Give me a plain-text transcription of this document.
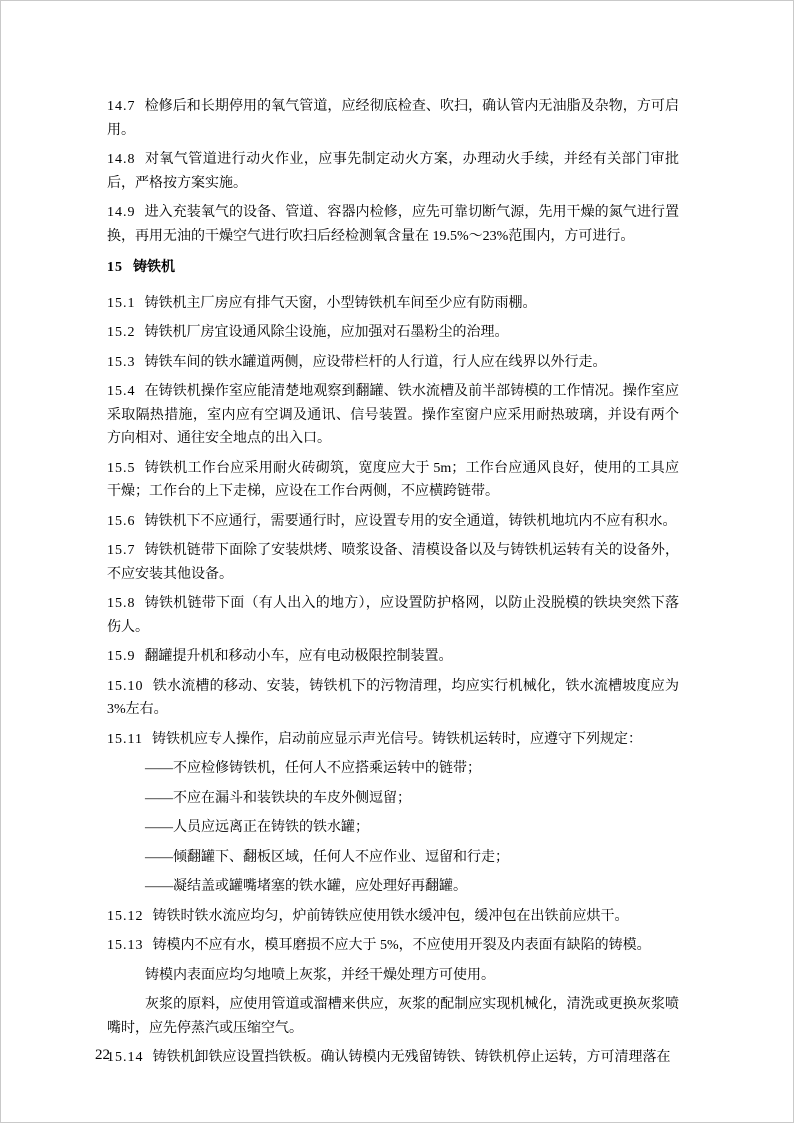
14.7 检修后和长期停用的氧气管道，应经彻底检查、吹扫，确认管内无油脂及杂物，方可启用。

14.8 对氧气管道进行动火作业，应事先制定动火方案，办理动火手续，并经有关部门审批后，严格按方案实施。

14.9 进入充装氧气的设备、管道、容器内检修，应先可靠切断气源，先用干燥的氮气进行置换，再用无油的干燥空气进行吹扫后经检测氧含量在 19.5%～23%范围内，方可进行。

15 铸铁机

15.1 铸铁机主厂房应有排气天窗，小型铸铁机车间至少应有防雨棚。

15.2 铸铁机厂房宜设通风除尘设施，应加强对石墨粉尘的治理。

15.3 铸铁车间的铁水罐道两侧，应设带栏杆的人行道，行人应在线界以外行走。

15.4 在铸铁机操作室应能清楚地观察到翻罐、铁水流槽及前半部铸模的工作情况。操作室应采取隔热措施，室内应有空调及通讯、信号装置。操作室窗户应采用耐热玻璃，并设有两个方向相对、通往安全地点的出入口。

15.5 铸铁机工作台应采用耐火砖砌筑，宽度应大于 5m；工作台应通风良好，使用的工具应干燥；工作台的上下走梯，应设在工作台两侧，不应横跨链带。

15.6 铸铁机下不应通行，需要通行时，应设置专用的安全通道，铸铁机地坑内不应有积水。

15.7 铸铁机链带下面除了安装烘烤、喷浆设备、清模设备以及与铸铁机运转有关的设备外，不应安装其他设备。

15.8 铸铁机链带下面（有人出入的地方），应设置防护格网，以防止没脱模的铁块突然下落伤人。

15.9 翻罐提升机和移动小车，应有电动极限控制装置。

15.10 铁水流槽的移动、安装，铸铁机下的污物清理，均应实行机械化，铁水流槽坡度应为3%左右。

15.11 铸铁机应专人操作，启动前应显示声光信号。铸铁机运转时，应遵守下列规定：

——不应检修铸铁机，任何人不应搭乘运转中的链带；

——不应在漏斗和装铁块的车皮外侧逗留；

——人员应远离正在铸铁的铁水罐；

——倾翻罐下、翻板区域，任何人不应作业、逗留和行走；

——凝结盖或罐嘴堵塞的铁水罐，应处理好再翻罐。

15.12 铸铁时铁水流应均匀，炉前铸铁应使用铁水缓冲包，缓冲包在出铁前应烘干。

15.13 铸模内不应有水，模耳磨损不应大于 5%，不应使用开裂及内表面有缺陷的铸模。

铸模内表面应均匀地喷上灰浆，并经干燥处理方可使用。

灰浆的原料，应使用管道或溜槽来供应，灰浆的配制应实现机械化，清洗或更换灰浆喷嘴时，应先停蒸汽或压缩空气。

15.14 铸铁机卸铁应设置挡铁板。确认铸模内无残留铸铁、铸铁机停止运转，方可清理落在

22
